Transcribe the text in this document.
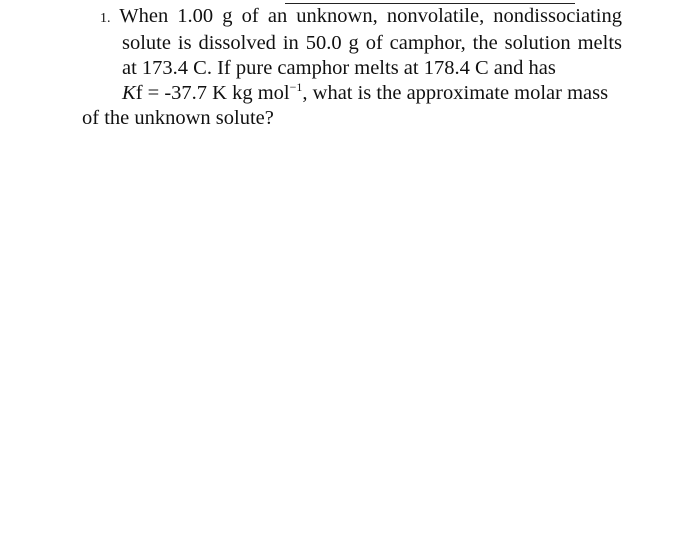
1. When 1.00 g of an unknown, nonvolatile, nondissociating
solute is dissolved in 50.0 g of camphor, the solution melts
at 173.4 C. If pure camphor melts at 178.4 C and has
Kf = -37.7 K kg mol$^{-1}$, what is the approximate molar mass
of the unknown solute?
